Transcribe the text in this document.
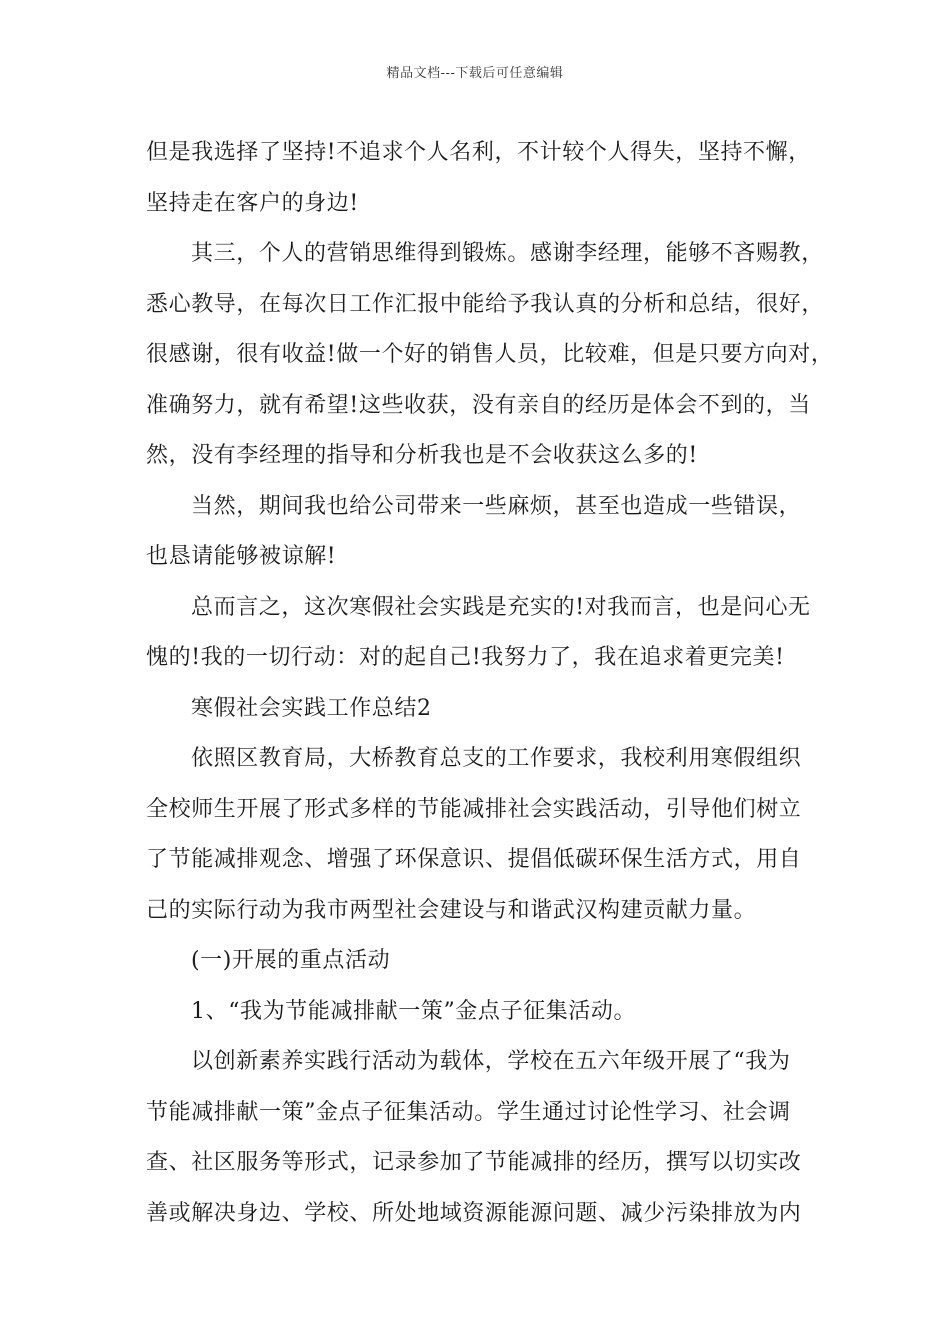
精品文档---下载后可任意编辑

但是我选择了坚持!不追求个人名利，不计较个人得失，坚持不懈，

坚持走在客户的身边!

其三，个人的营销思维得到锻炼。感谢李经理，能够不吝赐教，

悉心教导，在每次日工作汇报中能给予我认真的分析和总结，很好，

很感谢，很有收益!做一个好的销售人员，比较难，但是只要方向对，

准确努力，就有希望!这些收获，没有亲自的经历是体会不到的，当

然，没有李经理的指导和分析我也是不会收获这么多的!

当然，期间我也给公司带来一些麻烦，甚至也造成一些错误，

也恳请能够被谅解!

总而言之，这次寒假社会实践是充实的!对我而言，也是问心无

愧的!我的一切行动：对的起自己!我努力了，我在追求着更完美!

寒假社会实践工作总结2

依照区教育局，大桥教育总支的工作要求，我校利用寒假组织

全校师生开展了形式多样的节能减排社会实践活动，引导他们树立

了节能减排观念、增强了环保意识、提倡低碳环保生活方式，用自

己的实际行动为我市两型社会建设与和谐武汉构建贡献力量。

(一)开展的重点活动

1、“我为节能减排献一策”金点子征集活动。

以创新素养实践行活动为载体，学校在五六年级开展了“我为

节能减排献一策”金点子征集活动。学生通过讨论性学习、社会调

查、社区服务等形式，记录参加了节能减排的经历，撰写以切实改

善或解决身边、学校、所处地域资源能源问题、减少污染排放为内
